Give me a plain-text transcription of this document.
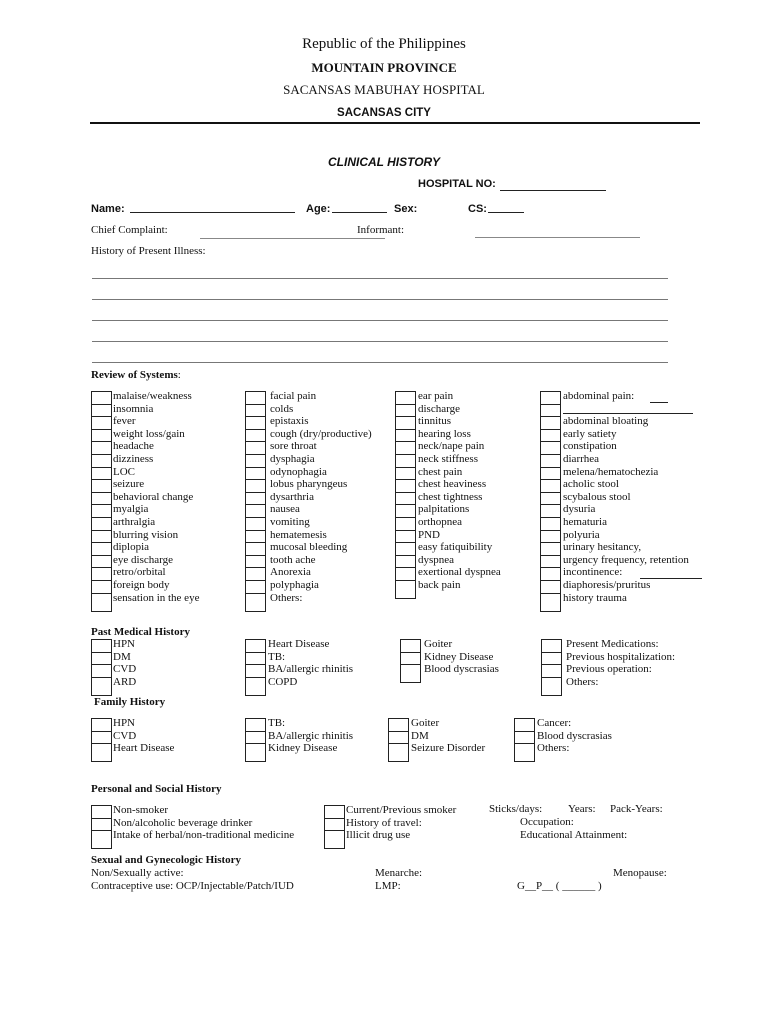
Republic of the Philippines
MOUNTAIN PROVINCE
SACANSAS MABUHAY HOSPITAL
SACANSAS CITY
CLINICAL HISTORY
HOSPITAL NO:
Name:	Age:	Sex:	CS:
Chief Complaint:	Informant:
History of Present Illness:
Review of Systems:
malaise/weakness
insomnia
fever
weight loss/gain
headache
dizziness
LOC
seizure
behavioral change
myalgia
arthralgia
blurring vision
diplopia
eye discharge
retro/orbital
foreign body
sensation in the eye
facial pain
colds
epistaxis
cough (dry/productive)
sore throat
dysphagia
odynophagia
lobus pharyngeus
dysarthria
nausea
vomiting
hematemesis
mucosal bleeding
tooth ache
Anorexia
polyphagia
Others:
ear pain
discharge
tinnitus
hearing loss
neck/nape pain
neck stiffness
chest pain
chest heaviness
chest tightness
palpitations
orthopnea
PND
easy fatiquibility
dyspnea
exertional dyspnea
back pain
abdominal pain:
abdominal bloating
early satiety
constipation
diarrhea
melena/hematochezia
acholic stool
scybalous stool
dysuria
hematuria
polyuria
urinary hesitancy,
urgency frequency, retention
incontinence:
diaphoresis/pruritus
history trauma
Past Medical History
HPN
DM
CVD
ARD
Heart Disease
TB:
BA/allergic rhinitis
COPD
Goiter
Kidney Disease
Blood dyscrasias
Present Medications:
Previous hospitalization:
Previous operation:
Others:
Family History
HPN
CVD
Heart Disease
TB:
BA/allergic rhinitis
Kidney Disease
Goiter
DM
Seizure Disorder
Cancer:
Blood dyscrasias
Others:
Personal and Social History
Non-smoker
Non/alcoholic beverage drinker
Intake of herbal/non-traditional medicine
Current/Previous smoker
History of travel:
Illicit drug use
Sticks/days: Years: Pack-Years:
Occupation:
Educational Attainment:
Sexual and Gynecologic History
Non/Sexually active:
Contraceptive use: OCP/Injectable/Patch/IUD
Menarche:
LMP:
Menopause:
G__P__ ( ______ )
